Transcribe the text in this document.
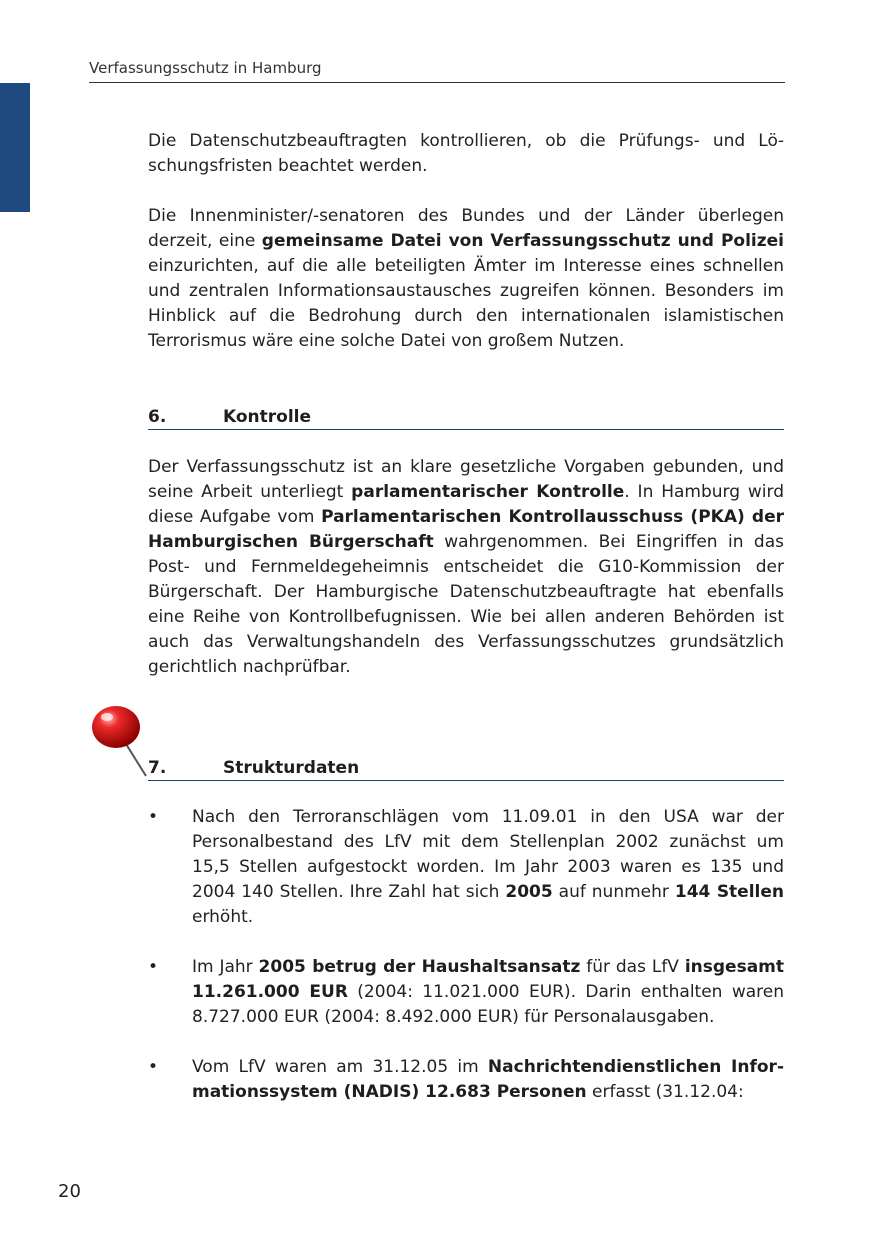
Verfassungsschutz in Hamburg

Die Datenschutzbeauftragten kontrollieren, ob die Prüfungs- und Löschungsfristen beachtet werden.

Die Innenminister/-senatoren des Bundes und der Länder überlegen derzeit, eine gemeinsame Datei von Verfassungsschutz und Polizei einzurichten, auf die alle beteiligten Ämter im Interesse eines schnellen und zentralen Informationsaustausches zugreifen können. Besonders im Hinblick auf die Bedrohung durch den internationalen islamistischen Terrorismus wäre eine solche Datei von großem Nutzen.

6.	Kontrolle

Der Verfassungsschutz ist an klare gesetzliche Vorgaben gebunden, und seine Arbeit unterliegt parlamentarischer Kontrolle. In Hamburg wird diese Aufgabe vom Parlamentarischen Kontrollausschuss (PKA) der Hamburgischen Bürgerschaft wahrgenommen. Bei Eingriffen in das Post- und Fernmeldegeheimnis entscheidet die G10-Kommission der Bürgerschaft. Der Hamburgische Datenschutzbeauftragte hat ebenfalls eine Reihe von Kontrollbefugnissen. Wie bei allen anderen Behörden ist auch das Verwaltungshandeln des Verfassungsschutzes grundsätzlich gerichtlich nachprüfbar.

7.	Strukturdaten
• Nach den Terroranschlägen vom 11.09.01 in den USA war der Personalbestand des LfV mit dem Stellenplan 2002 zunächst um 15,5 Stellen aufgestockt worden. Im Jahr 2003 waren es 135 und 2004 140 Stellen. Ihre Zahl hat sich 2005 auf nunmehr 144 Stellen erhöht.

• Im Jahr 2005 betrug der Haushaltsansatz für das LfV insgesamt 11.261.000 EUR (2004: 11.021.000 EUR). Darin enthalten waren 8.727.000 EUR (2004: 8.492.000 EUR) für Personalausgaben.

• Vom LfV waren am 31.12.05 im Nachrichtendienstlichen Informationssystem (NADIS) 12.683 Personen erfasst (31.12.04:

20
